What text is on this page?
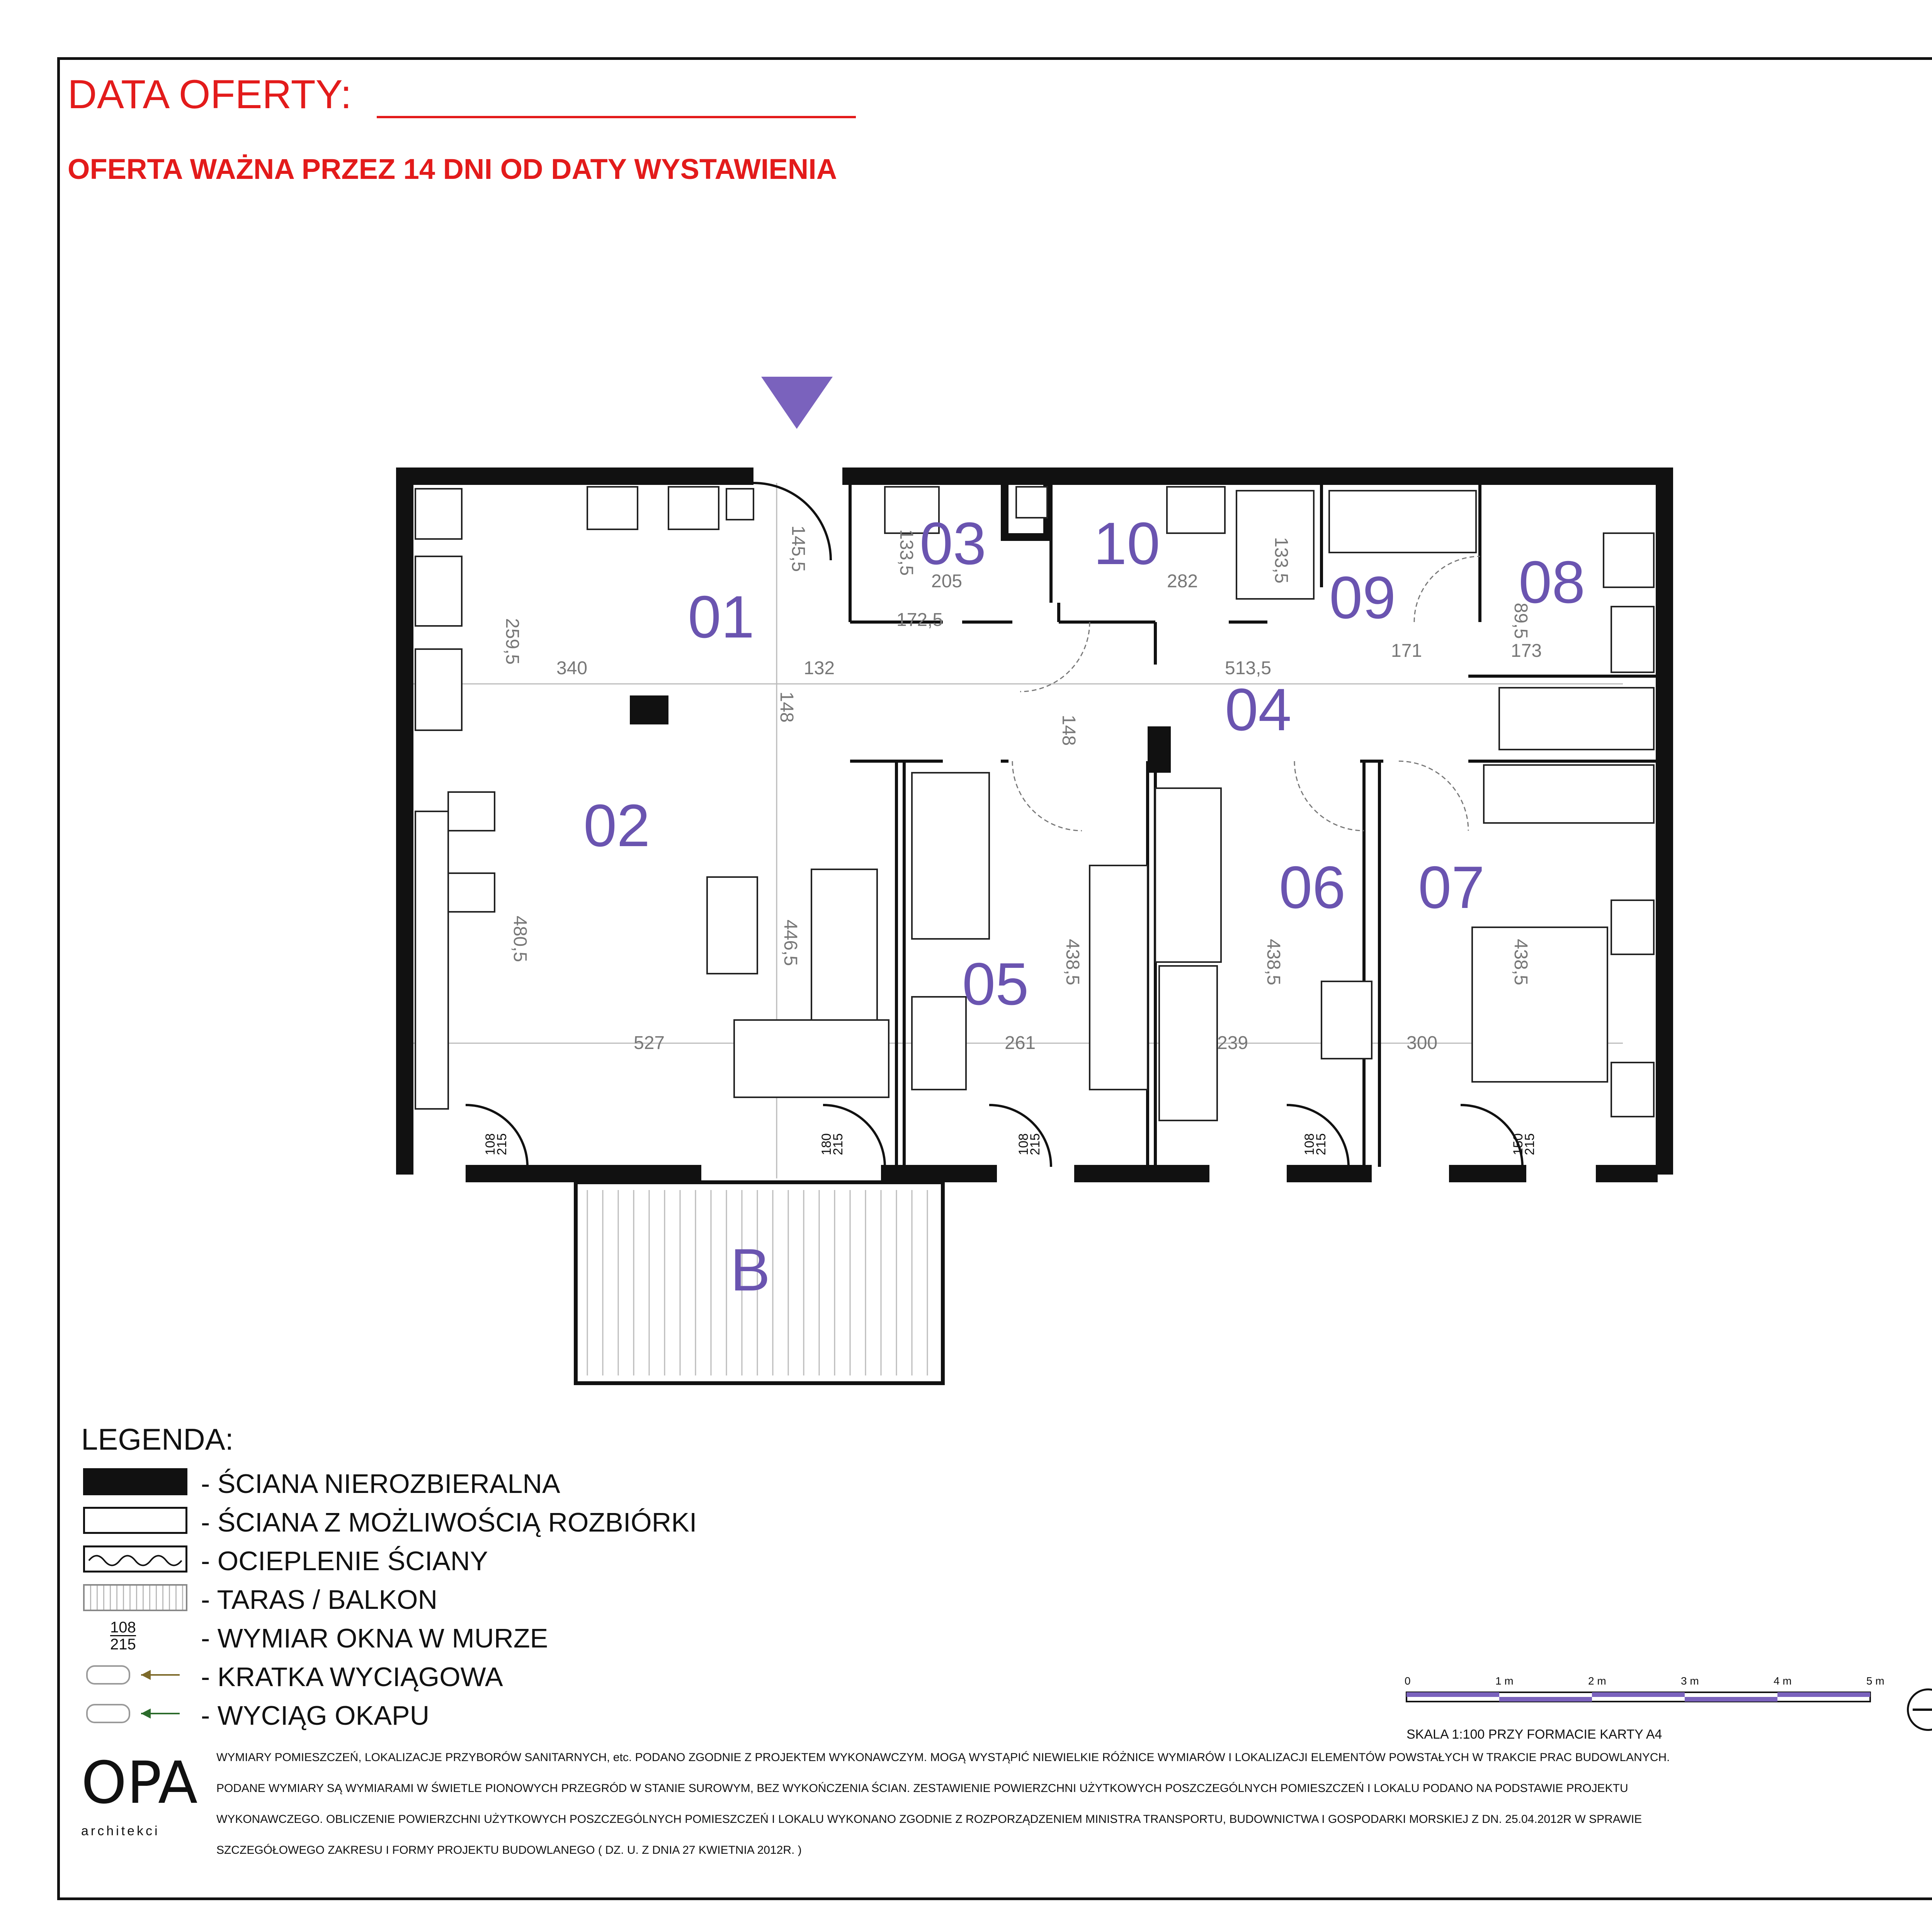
DATA OFERTY:
OFERTA WAŻNA PRZEZ 14 DNI OD DATY WYSTAWIENIA
259,5
340	132
148
172,5
148
513,5
282
205
133,5	133,5
171
89,5
173
480,5	446,5	438,5	438,5	438,5
527	261	239	300
145,5
108
215	180
215	108
215	108
215	150
215
01
02
03
04
05
06 07
08
09
10
B
LEGENDA:
- ŚCIANA NIEROZBIERALNA
- ŚCIANA Z MOŻLIWOŚCIĄ ROZBIÓRKI
- OCIEPLENIE ŚCIANY
- TARAS / BALKON
108
215 - WYMIAR OKNA W MURZE
- KRATKA WYCIĄGOWA
- WYCIĄG OKAPU
0	1 m	2 m	3 m	4 m	5 m
SKALA 1:100 PRZY FORMACIE KARTY A4
OPA
architekci
WYMIARY POMIESZCZEŃ, LOKALIZACJE PRZYBORÓW SANITARNYCH, etc. PODANO ZGODNIE Z PROJEKTEM WYKONAWCZYM. MOGĄ WYSTĄPIĆ NIEWIELKIE RÓŻNICE WYMIARÓW I LOKALIZACJI ELEMENTÓW POWSTAŁYCH W TRAKCIE PRAC BUDOWLANYCH.
PODANE WYMIARY SĄ WYMIARAMI W ŚWIETLE PIONOWYCH PRZEGRÓD W STANIE SUROWYM, BEZ WYKOŃCZENIA ŚCIAN. ZESTAWIENIE POWIERZCHNI UŻYTKOWYCH POSZCZEGÓLNYCH POMIESZCZEŃ I LOKALU PODANO NA PODSTAWIE PROJEKTU
WYKONAWCZEGO. OBLICZENIE POWIERZCHNI UŻYTKOWYCH POSZCZEGÓLNYCH POMIESZCZEŃ I LOKALU WYKONANO ZGODNIE Z ROZPORZĄDZENIEM MINISTRA TRANSPORTU, BUDOWNICTWA I GOSPODARKI MORSKIEJ Z DN. 25.04.2012R W SPRAWIE
SZCZEGÓŁOWEGO ZAKRESU I FORMY PROJEKTU BUDOWLANEGO ( DZ. U. Z DNIA 27 KWIETNIA 2012R. )
